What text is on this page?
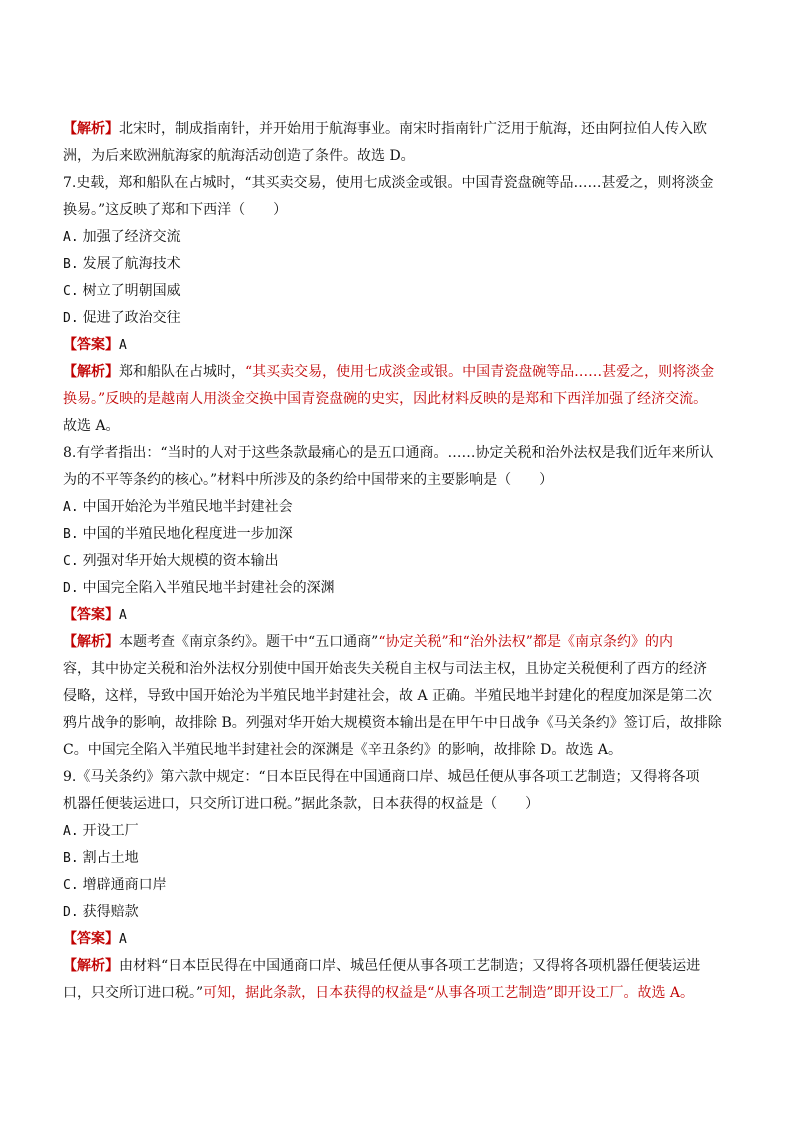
【解析】北宋时，制成指南针，并开始用于航海事业。南宋时指南针广泛用于航海，还由阿拉伯人传入欧
洲，为后来欧洲航海家的航海活动创造了条件。故选 D。
7.史载，郑和船队在占城时，“其买卖交易，使用七成淡金或银。中国青瓷盘碗等品……甚爱之，则将淡金
换易。”这反映了郑和下西洋（　　）
A. 加强了经济交流
B. 发展了航海技术
C. 树立了明朝国威
D. 促进了政治交往
【答案】A
【解析】郑和船队在占城时，“其买卖交易，使用七成淡金或银。中国青瓷盘碗等品……甚爱之，则将淡金
换易。”反映的是越南人用淡金交换中国青瓷盘碗的史实，因此材料反映的是郑和下西洋加强了经济交流。
故选 A。
8.有学者指出：“当时的人对于这些条款最痛心的是五口通商。……协定关税和治外法权是我们近年来所认
为的不平等条约的核心。”材料中所涉及的条约给中国带来的主要影响是（　　）
A. 中国开始沦为半殖民地半封建社会
B. 中国的半殖民地化程度进一步加深
C. 列强对华开始大规模的资本输出
D. 中国完全陷入半殖民地半封建社会的深渊
【答案】A
【解析】本题考查《南京条约》。题干中“五口通商”“协定关税”和“治外法权”都是《南京条约》的内
容，其中协定关税和治外法权分别使中国开始丧失关税自主权与司法主权，且协定关税便利了西方的经济
侵略，这样，导致中国开始沦为半殖民地半封建社会，故 A 正确。半殖民地半封建化的程度加深是第二次
鸦片战争的影响，故排除 B。列强对华开始大规模资本输出是在甲午中日战争《马关条约》签订后，故排除
C。中国完全陷入半殖民地半封建社会的深渊是《辛丑条约》的影响，故排除 D。故选 A。
9.《马关条约》第六款中规定：“日本臣民得在中国通商口岸、城邑任便从事各项工艺制造；又得将各项
机器任便装运进口，只交所订进口税。”据此条款，日本获得的权益是（　　）
A. 开设工厂
B. 割占土地
C. 增辟通商口岸
D. 获得赔款
【答案】A
【解析】由材料“日本臣民得在中国通商口岸、城邑任便从事各项工艺制造；又得将各项机器任便装运进
口，只交所订进口税。”可知，据此条款，日本获得的权益是“从事各项工艺制造”即开设工厂。故选 A。
